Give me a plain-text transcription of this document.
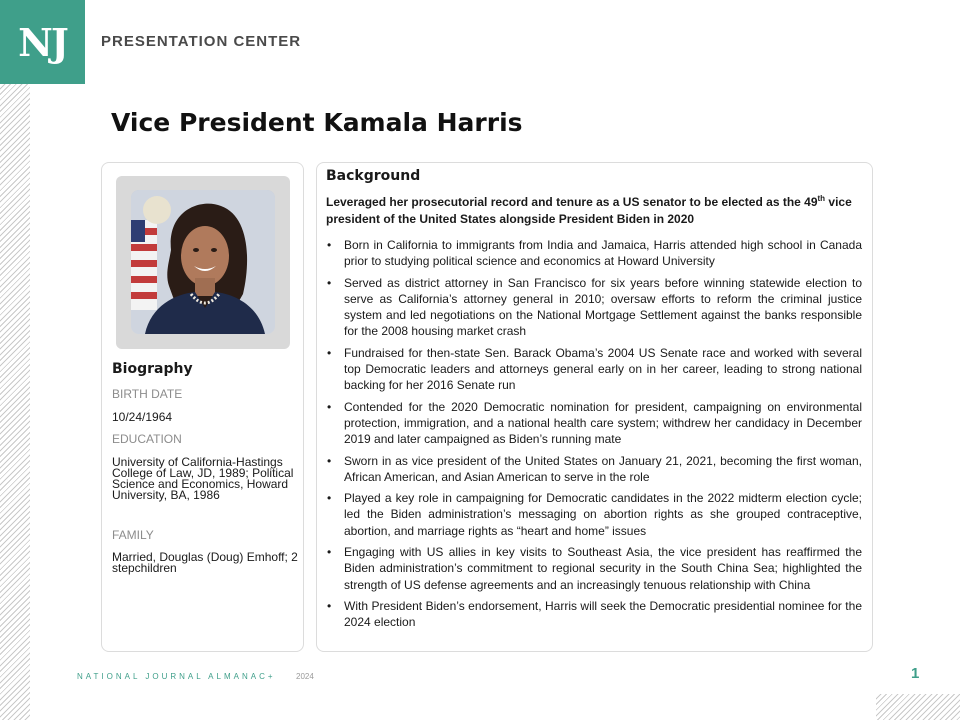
NJ PRESENTATION CENTER
Vice President Kamala Harris
Biography
BIRTH DATE
10/24/1964
EDUCATION
University of California-Hastings College of Law, JD, 1989; Political Science and Economics, Howard University, BA, 1986
FAMILY
Married, Douglas (Doug) Emhoff; 2 stepchildren
Background

Leveraged her prosecutorial record and tenure as a US senator to be elected as the 49th vice president of the United States alongside President Biden in 2020

• Born in California to immigrants from India and Jamaica, Harris attended high school in Canada prior to studying political science and economics at Howard University
• Served as district attorney in San Francisco for six years before winning statewide election to serve as California’s attorney general in 2010; oversaw efforts to reform the criminal justice system and led negotiations on the National Mortgage Settlement against the banks responsible for the 2008 housing market crash
• Fundraised for then-state Sen. Barack Obama’s 2004 US Senate race and worked with several top Democratic leaders and attorneys general early on in her career, leading to strong national backing for her 2016 Senate run
• Contended for the 2020 Democratic nomination for president, campaigning on environmental protection, immigration, and a national health care system; withdrew her candidacy in December 2019 and later campaigned as Biden’s running mate
• Sworn in as vice president of the United States on January 21, 2021, becoming the first woman, African American, and Asian American to serve in the role
• Played a key role in campaigning for Democratic candidates in the 2022 midterm election cycle; led the Biden administration’s messaging on abortion rights as she grouped contraceptive, abortion, and marriage rights as “heart and home” issues
• Engaging with US allies in key visits to Southeast Asia, the vice president has reaffirmed the Biden administration’s commitment to regional security in the South China Sea; highlighted the strength of US defense agreements and an increasingly tenuous relationship with China
• With President Biden’s endorsement, Harris will seek the Democratic presidential nominee for the 2024 election
NATIONAL JOURNAL ALMANAC+	2024	1
